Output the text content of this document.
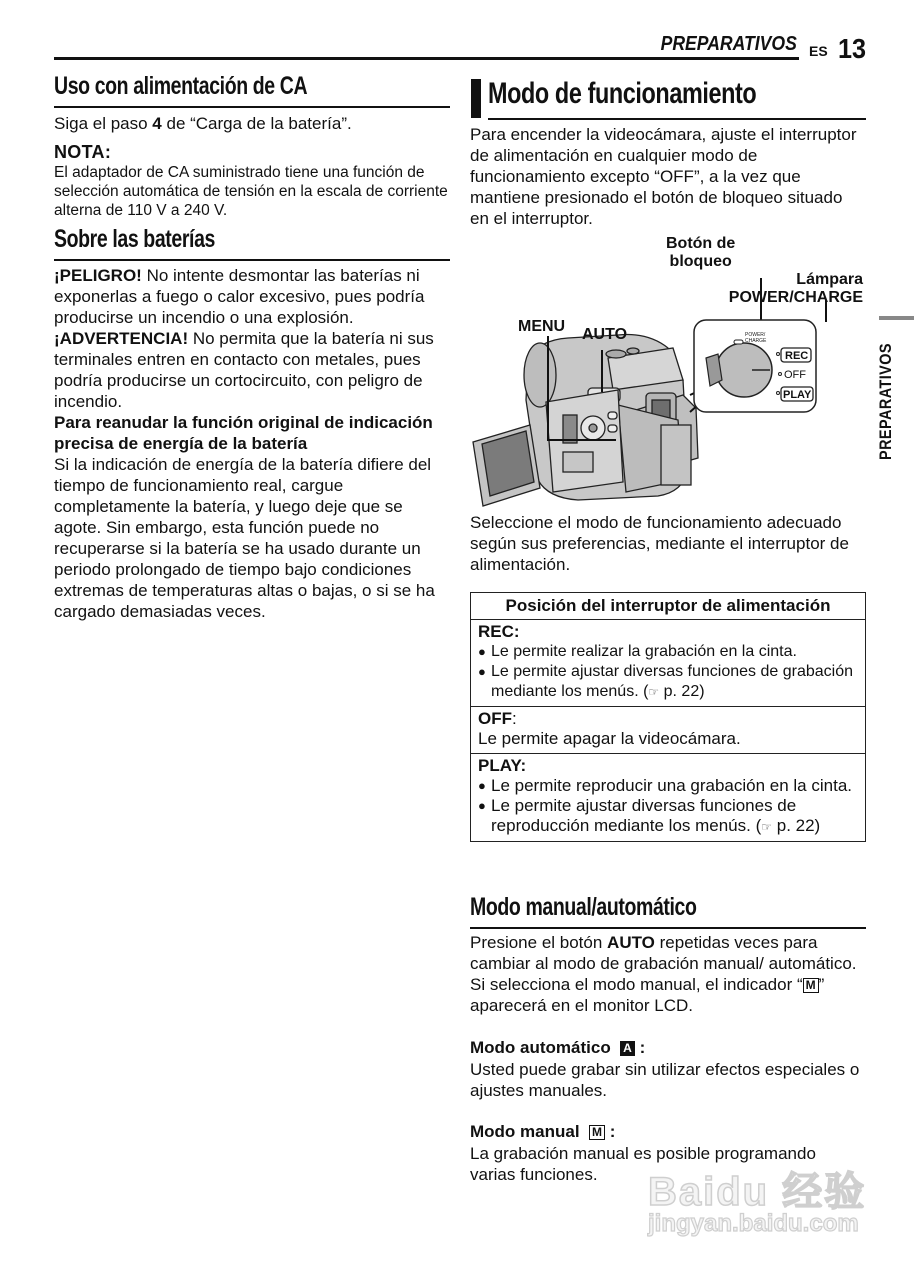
PREPARATIVOS ES 13
Uso con alimentación de CA
Siga el paso 4 de “Carga de la batería”.
NOTA:
El adaptador de CA suministrado tiene una función de selección automática de tensión en la escala de corriente alterna de 110 V a 240 V.
Sobre las baterías
¡PELIGRO! No intente desmontar las baterías ni exponerlas a fuego o calor excesivo, pues podría producirse un incendio o una explosión.
¡ADVERTENCIA! No permita que la batería ni sus terminales entren en contacto con metales, pues podría producirse un cortocircuito, con peligro de incendio.
Para reanudar la función original de indicación precisa de energía de la batería
Si la indicación de energía de la batería difiere del tiempo de funcionamiento real, cargue completamente la batería, y luego deje que se agote. Sin embargo, esta función puede no recuperarse si la batería se ha usado durante un periodo prolongado de tiempo bajo condiciones extremas de temperaturas altas o bajas, o si se ha cargado demasiadas veces.
Modo de funcionamiento
Para encender la videocámara, ajuste el interruptor de alimentación en cualquier modo de funcionamiento excepto “OFF”, a la vez que mantiene presionado el botón de bloqueo situado en el interruptor.
POWER/
CHARGE
REC
OFF
PLAY
Botón de
bloqueo
Lámpara
POWER/CHARGE
MENU AUTO
Seleccione el modo de funcionamiento adecuado según sus preferencias, mediante el interruptor de alimentación.
Posición del interruptor de alimentación
REC:
● Le permite realizar la grabación en la cinta.
● Le permite ajustar diversas funciones de grabación mediante los menús. (☞ p. 22)
OFF:
Le permite apagar la videocámara.
PLAY:
● Le permite reproducir una grabación en la cinta.
● Le permite ajustar diversas funciones de reproducción mediante los menús. (☞ p. 22)
Modo manual/automático
Presione el botón AUTO repetidas veces para cambiar al modo de grabación manual/ automático. Si selecciona el modo manual, el indicador “ M ” aparecerá en el monitor LCD.
Modo automático A :
Usted puede grabar sin utilizar efectos especiales o ajustes manuales.
Modo manual M :
La grabación manual es posible programando varias funciones.
PREPARATIVOS
Baidu 经验
jingyan.baidu.com
